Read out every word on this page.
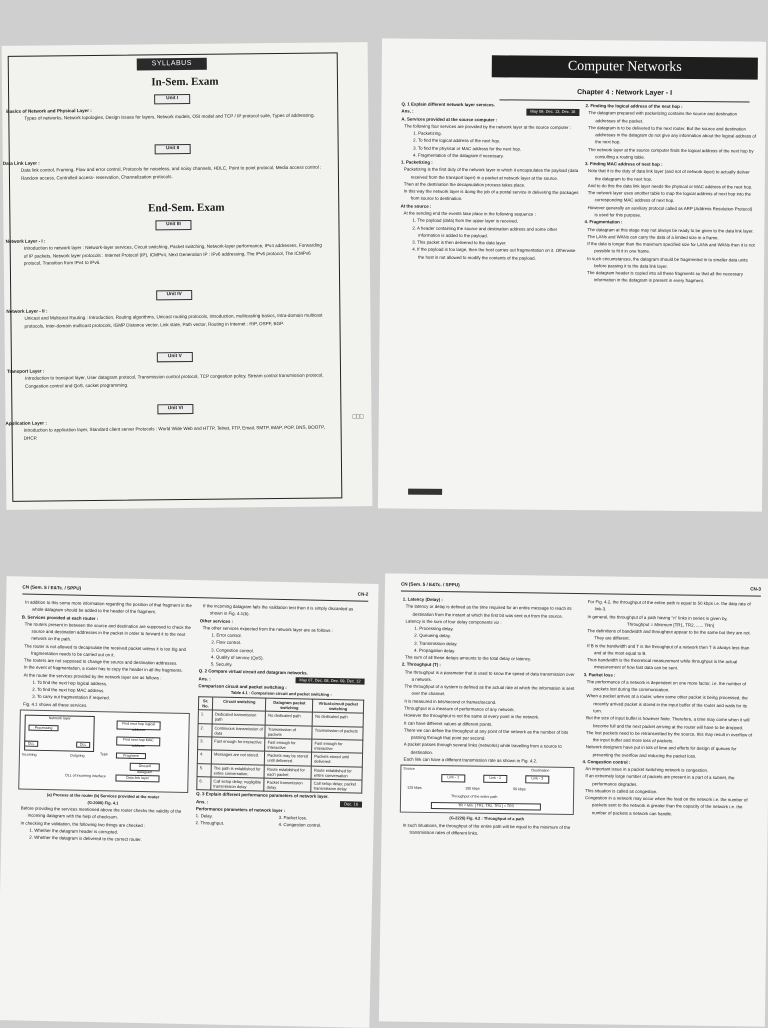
SYLLABUS
In-Sem. Exam
Unit I
Basics of Network and Physical Layer :

Types of networks, Network topologies, Design issues for layers, Network models, OSI model and TCP / IP protocol suite, Types of addressing.

Unit II
Data Link Layer :

Data link control, Framing, Flow and error control, Protocols for noiseless, and noisy channels, HDLC, Point to point protocol, Media access control : Random access, Controlled access- reservation, Channelization protocols.

End-Sem. Exam
Unit III
Network Layer - I :

Introduction to network layer : Network-layer services, Circuit switching, Packet switching, Network-layer performance, IPv4 addresses, Forwarding of IP packets, Network layer protocols : Internet Protocol (IP), ICMPv4, Next Generation IP : IPv6 addressing, The IPv6 protocol, The ICMPv6 protocol, Transition from IPv4 to IPv6.

Unit IV
Network Layer - II :

Unicast and Multicast Routing : Introduction, Routing algorithms, Unicast routing protocols, Introduction, multicasting basics, Intra-domain multicast protocols, Inter-domain multicast protocols, IGMP Distance vector, Link state, Path vector, Routing in Internet : RIP, OSPF, BGP.

Unit V
Transport Layer :

Introduction to transport layer, User datagram protocol, Transmission control protocol, TCP congestion policy, Stream control transmission protocol, Congestion control and QoS, socket programming.

Unit VI
Application Layer :

Introduction to application layer, Standard client server Protocols : World Wide Web and HTTP, Telnet, FTP, Email, SMTP, IMAP, POP, DNS, BOOTP, DHCP.

□□□
Computer Networks
Chapter 4 : Network Layer - I
Q. 1 Explain different network layer services.
May 09, Dec. 13, Dec. 16
Ans. :
A. Services provided at the source computer :
The following four services are provided by the network layer at the source computer :
1. Packetizing.
2. To find the logical address of the next hop.
3. To find the physical or MAC address for the next hop.
4. Fragmentation of the datagram if necessary.
1. Packetizing :
Packetizing is the first duty of the network layer in which it encapsulates the payload (data received from the transport layer) in a packet at network layer at the source.
Then at the destination the decapsulation process takes place.
In this way the network layer is doing the job of a postal service in delivering the packages from source to destination.
At the source :
At the sending end the events take place in the following sequence :
1. The payload (data) from the upper layer is received.
2. A header containing the source and destination address and some other information is added to the payload.
3. This packet is then delivered to the data layer.
4. If the payload is too large, then the host carries out fragmentation on it. Otherwise the host is not allowed to modify the contents of the payload.
2. Finding the logical address of the next hop :
The datagram prepared with packetizing contains the source and destination addresses of the packet.
The datagram is to be delivered to the next router. But the source and destination addresses in the datagram do not give any information about the logical address of the next hop.
The network layer at the source computer finds the logical address of the next hop by consulting a routing table.
3. Finding MAC address of next hop :
Note that it is the duty of data link layer (and not of network layer) to actually deliver the datagram to the next hop.
And to do this the data link layer needs the physical or MAC address of the next hop.
The network layer uses another table to map the logical address of next hop into the corresponding MAC address of next hop.
However generally an auxiliary protocol called as ARP (Address Resolution Protocol) is used for this purpose.
4. Fragmentation :
The datagram at this stage may not always be ready to be given to the data link layer.
The LANs and WANs can carry the data of a limited size in a frame.
If the data is longer than the maximum specified size for LANs and WANs then it is not possible to fit it in one frame.
In such circumstances, the datagram should be fragmented in to smaller data units before passing it to the data link layer.
The datagram header is copied into all these fragments so that all the necessary information in the datagram is present in every fragment.
CN (Sem. 5 / E&Tc. / SPPU)
CN-2
In addition to this some more information regarding the position of that fragment in the whole datagram should be added to the header of the fragment.
B. Services provided at each router :
The routers present in between the source and destination are supposed to check the source and destination addresses in the packet in order to forward it to the next network on the path.
The router is not allowed to decapsulate the received packet unless it is too big and fragmentation needs to be carried out on it.
The routers are not supposed to change the source and destination addresses.
In the event of fragmentation, a router has to copy the header in all the fragments.
At the router the services provided by the network layer are as follows :
1. To find the next hop logical address.
2. To find the next hop MAC address.
3. To carry out fragmentation if required.
Fig. 4.1 shows all these services.
Network layer
Processing
Find next hop logical address
Find next hop MAC address
Fragment
DLL	DLL
Incoming	Outgoing	Type
Discard datagram
Data link layer
DLL of incoming interface
(a) Process at the router (b) Services provided at the router
(G-2000) Fig. 4.1
Before providing the services mentioned above the router checks the validity of the incoming datagram with the help of checksum.
In checking the validation, the following two things are checked :
1. Whether the datagram header is corrupted.
2. Whether the datagram is delivered to the correct router.
If the incoming datagram fails the validation test then it is simply discarded as shown in Fig. 4.1(b).
Other services :
The other services expected from the network layer are as follows :
1. Error control.
2. Flow control.
3. Congestion control.
4. Quality of service (QoS).
5. Security.
Q. 2 Compare virtual circuit and datagram networks.
May 07, Dec. 08, Dec. 09, Dec. 12
Ans. :
Comparison circuit and packet switching :
Table 4.1 : Comparison circuit and packet switching :
Sr. No.	Circuit switching	Datagram packet switching	Virtual-circuit packet switching
1.	Dedicated transmission path	No dedicated path	No dedicated path
2.	Continuous transmission of data	Transmission of packets	Transmission of packets
3.	Fast enough for interactive	Fast enough for interactive	Fast enough for interactive
4.	Messages are not stored.	Packets may be stored until delivered.	Packets stored until delivered.
5.	The path is established for entire conversation.	Route established for each packet	Route established for entire conversation
6.	Call setup delay; negligible transmission delay	Packet transmission delay	Call setup delay; packet transmission delay
Q. 3 Explain different performance parameters of network layer.
Dec. 16
Ans. :
Performance parameters of network layer :
1. Delay.	3. Packet loss.
2. Throughput.	4. Congestion control.
CN (Sem. 5 / E&Tc. / SPPU)
CN-3
1. Latency (Delay) :
The latency or delay is defined as the time required for an entire message to reach its destination from the instant at which the first bit was sent out from the source.
Latency is the sum of four delay components viz :
1. Processing delay.
2. Queueing delay.
3. Transmission delay.
4. Propagation delay.
The sum of all these delays amounts to the total delay or latency.
2. Throughput (T) :
The throughput is a parameter that is used to know the speed of data transmission over a network.
The throughput of a system is defined as the actual rate at which the information is sent over the channel.
It is measured in bits/second or frames/second.
Throughput is a measure of performance of any network.
However the throughput is not the same at every point in the network.
It can have different values at different points.
There we can define the throughput at any point of the network as the number of bits passing through that point per second.
A packet passes through several links (networks) while travelling from a source to destination.
Each link can have a different transmission rate as shown in Fig. 4.2.
Source	Destination
Link - 1	Link - 2	Link - 3
125 kbps	150 kbps	50 kbps
Throughput of the entire path
TR = Min. [ TR1, TR2, TR3 ] = TR3
(G-2226) Fig. 4.2 : Throughput of a path
In such situations, the throughput of the entire path will be equal to the minimum of the transmission rates of different links.
For Fig. 4.2, the throughput of the entire path is equal to 50 kbps i.e. the data rate of link-3.
In general, the throughput of a path having "n" links in series is given by,
Throughput = Minimum [TR1, TR2, ...... TRn]
The definitions of bandwidth and throughput appear to be the same but they are not. They are different.
If B is the bandwidth and T is the throughput of a network then T is always less than and at the most equal to B.
Thus bandwidth is the theoretical measurement while throughput is the actual measurement of how fast data can be sent.
3. Packet loss :
The performance of a network is dependent on one more factor, i.e. the number of packets lost during the communication.
When a packet arrives at a router, when some other packet is being processed, the recently arrived packet is stored in the input buffer of the router and waits for its turn.
But the size of input buffer is however finite. Therefore, a time may come when it will become full and the next packet arriving at the router will have to be dropped.
The lost packets need to be retransmitted by the source, this may result in overflow of the input buffer and more loss of packets.
Network designers have put in lots of time and efforts for design of queues for preventing the overflow and reducing the packet loss.
4. Congestion control :
An important issue in a packet switching network is congestion.
If an extremely large number of packets are present in a part of a subnet, the performance degrades.
This situation is called as congestion.
Congestion in a network may occur when the load on the network i.e. the number of packets sent to the network is greater than the capacity of the network i.e. the number of packets a network can handle.
